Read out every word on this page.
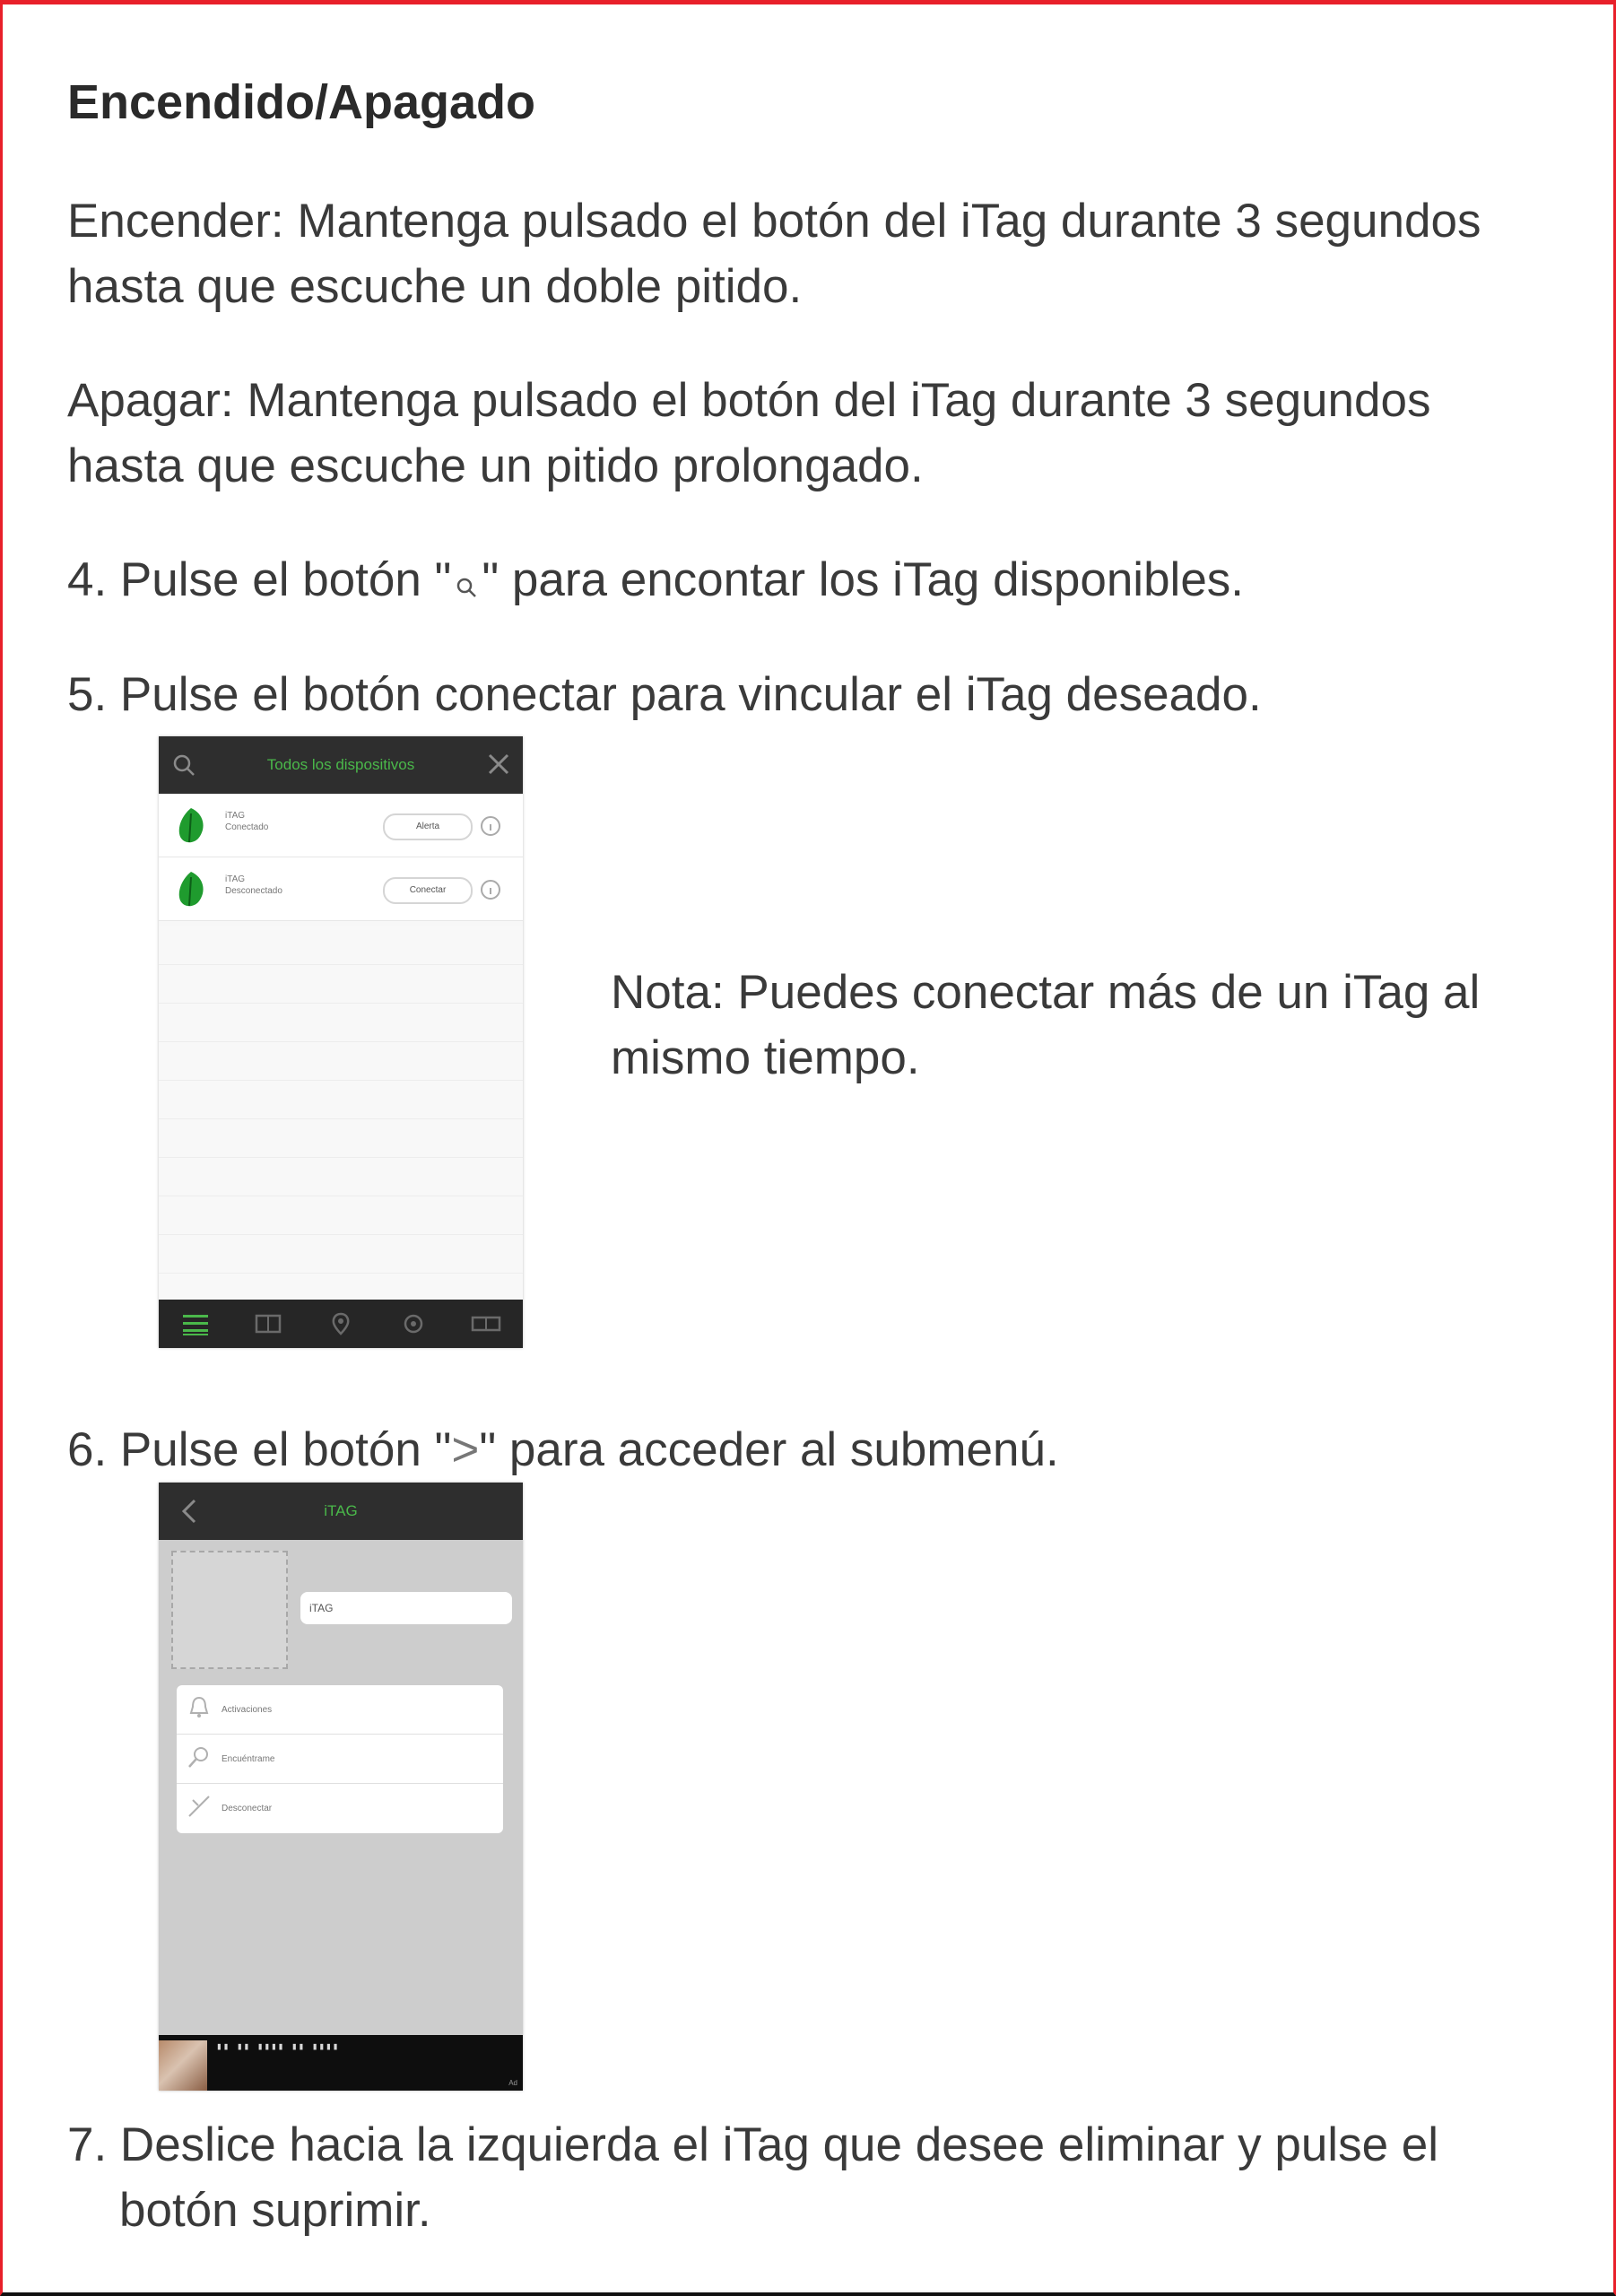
Encendido/Apagado

Encender: Mantenga pulsado el botón del iTag durante 3 segundos hasta que escuche un doble pitido.

Apagar: Mantenga pulsado el botón del iTag durante 3 segundos hasta que escuche un pitido prolongado.

4. Pulse el botón " " para encontar los iTag disponibles.

5. Pulse el botón conectar para vincular el iTag deseado.

Todos los dispositivos
iTAG
Conectado	Alerta
iTAG
Desconectado	Conectar

Nota: Puedes conectar más de un iTag al mismo tiempo.

6. Pulse el botón ">" para acceder al submenú.

iTAG
iTAG
Activaciones
Encuéntrame
Desconectar
▮▮ ▮▮ ▮▮▮▮ ▮▮ ▮▮▮▮
Ad

7. Deslice hacia la izquierda el iTag que desee eliminar y pulse el
botón suprimir.
